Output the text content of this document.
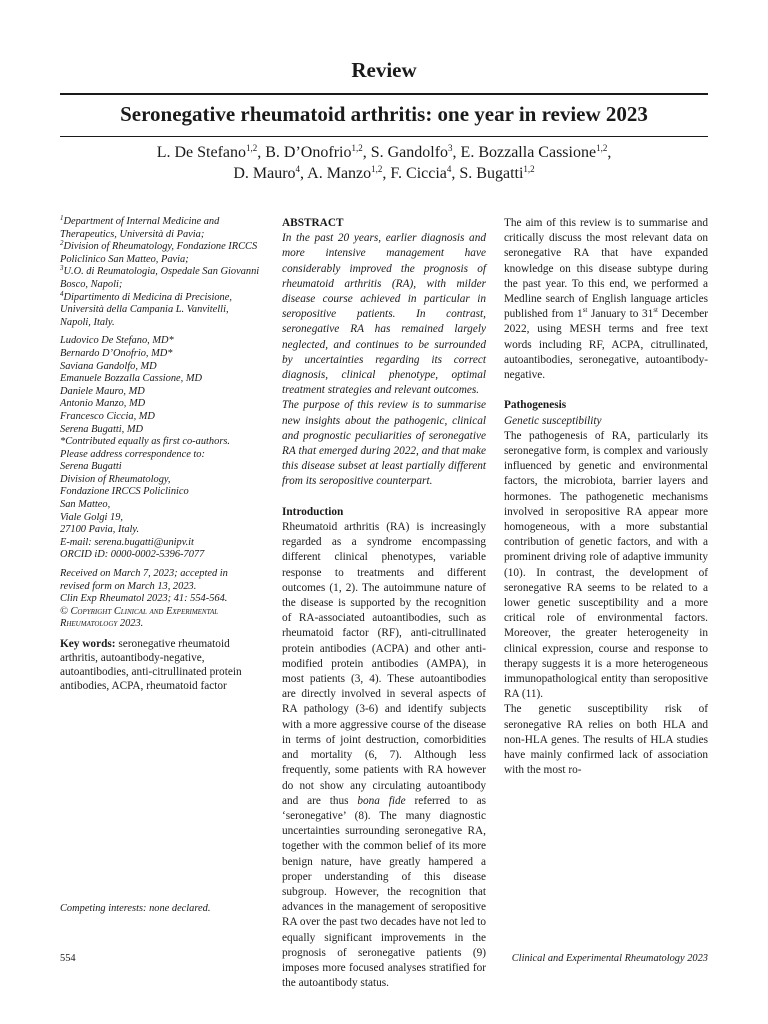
Review
Seronegative rheumatoid arthritis: one year in review 2023
L. De Stefano$^{1,2}$, B. D’Onofrio$^{1,2}$, S. Gandolfo$^3$, E. Bozzalla Cassione$^{1,2}$,
D. Mauro$^4$, A. Manzo$^{1,2}$, F. Ciccia$^4$, S. Bugatti$^{1,2}$

$^1$Department of Internal Medicine and Therapeutics, Università di Pavia;

$^2$Division of Rheumatology, Fondazione IRCCS Policlinico San Matteo, Pavia;

$^3$U.O. di Reumatologia, Ospedale San Giovanni Bosco, Napoli;

$^4$Dipartimento di Medicina di Precisione, Università della Campania L. Vanvitelli, Napoli, Italy.

Ludovico De Stefano, MD*

Bernardo D’Onofrio, MD*

Saviana Gandolfo, MD

Emanuele Bozzalla Cassione, MD

Daniele Mauro, MD

Antonio Manzo, MD

Francesco Ciccia, MD

Serena Bugatti, MD

*Contributed equally as first co-authors.

Please address correspondence to:

Serena Bugatti

Division of Rheumatology,

Fondazione IRCCS Policlinico

San Matteo,

Viale Golgi 19,

27100 Pavia, Italy.

E-mail: serena.bugatti@unipv.it

ORCID iD: 0000-0002-5396-7077

Received on March 7, 2023; accepted in revised form on March 13, 2023.

Clin Exp Rheumatol 2023; 41: 554-564.

© Copyright Clinical and Experimental Rheumatology 2023.

Key words: seronegative rheumatoid arthritis, autoantibody-negative, autoantibodies, anti-citrullinated protein antibodies, ACPA, rheumatoid factor

Competing interests: none declared.

ABSTRACT

In the past 20 years, earlier diagnosis and more intensive management have considerably improved the prognosis of rheumatoid arthritis (RA), with milder disease course achieved in particular in seropositive patients. In contrast, seronegative RA has remained largely neglected, and continues to be surrounded by uncertainties regarding its correct diagnosis, clinical phenotype, optimal treatment strategies and relevant outcomes.

The purpose of this review is to summarise new insights about the pathogenic, clinical and prognostic peculiarities of seronegative RA that emerged during 2022, and that make this disease subset at least partially different from its seropositive counterpart.

Introduction

Rheumatoid arthritis (RA) is increasingly regarded as a syndrome encompassing different clinical phenotypes, variable response to treatments and different outcomes (1, 2). The autoimmune nature of the disease is supported by the recognition of RA-associated autoantibodies, such as rheumatoid factor (RF), anti-citrullinated protein antibodies (ACPA) and other anti-modified protein antibodies (AMPA), in most patients (3, 4). These autoantibodies are directly involved in several aspects of RA pathology (3-6) and identify subjects with a more aggressive course of the disease in terms of joint destruction, comorbidities and mortality (6, 7). Although less frequently, some patients with RA however do not show any circulating autoantibody and are thus bona fide referred to as ‘seronegative’ (8). The many diagnostic uncertainties surrounding seronegative RA, together with the common belief of its more benign nature, have greatly hampered a proper understanding of this disease subgroup. However, the recognition that advances in the management of seropositive RA over the past two decades have not led to equally significant improvements in the prognosis of seronegative patients (9) imposes more focused analyses stratified for the autoantibody status.

The aim of this review is to summarise and critically discuss the most relevant data on seronegative RA that have expanded knowledge on this disease subtype during the past year. To this end, we performed a Medline search of English language articles published from 1st January to 31st December 2022, using MESH terms and free text words including RF, ACPA, citrullinated, autoantibodies, seronegative, autoantibody-negative.

Pathogenesis

Genetic susceptibility

The pathogenesis of RA, particularly its seronegative form, is complex and variously influenced by genetic and environmental factors, the microbiota, barrier layers and hormones. The pathogenetic mechanisms involved in seropositive RA appear more homogeneous, with a more substantial contribution of genetic factors, and with a prominent driving role of adaptive immunity (10). In contrast, the development of seronegative RA seems to be related to a lower genetic susceptibility and a more critical role of environmental factors. Moreover, the greater heterogeneity in clinical expression, course and response to therapy suggests it is a more heterogeneous immunopathological entity than seropositive RA (11).

The genetic susceptibility risk of seronegative RA relies on both HLA and non-HLA genes. The results of HLA studies have mainly confirmed lack of association with the most ro-

554	Clinical and Experimental Rheumatology 2023
